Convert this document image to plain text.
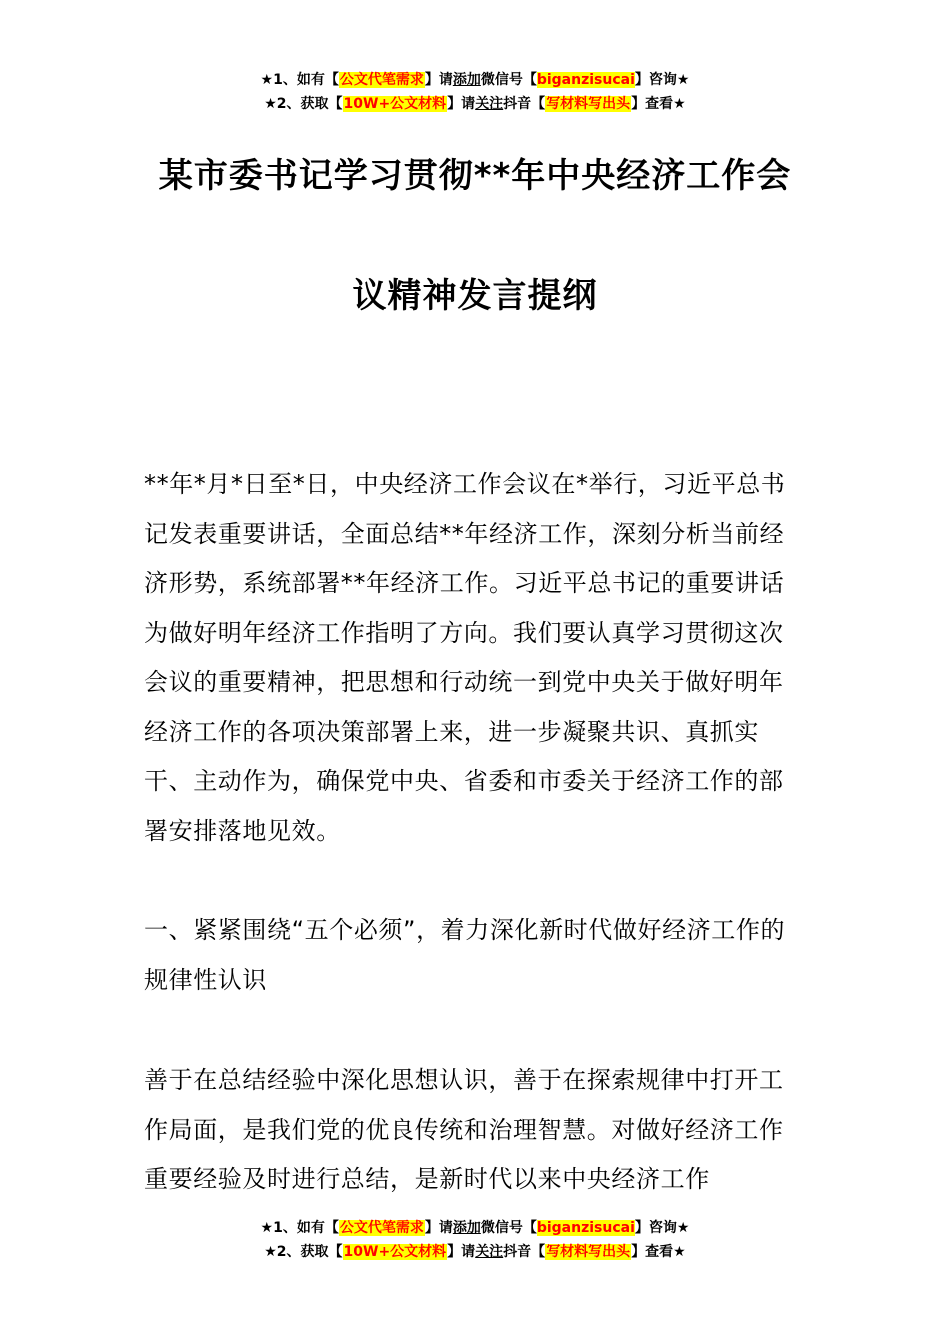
★1、如有【公文代笔需求】请添加微信号【biganzisucai】咨询★
★2、获取【10W+公文材料】请关注抖音【写材料写出头】查看★
某市委书记学习贯彻**年中央经济工作会
议精神发言提纲

**年*月*日至*日，中央经济工作会议在*举行，习近平总书记发表重要讲话，全面总结**年经济工作，深刻分析当前经济形势，系统部署**年经济工作。习近平总书记的重要讲话为做好明年经济工作指明了方向。我们要认真学习贯彻这次会议的重要精神，把思想和行动统一到党中央关于做好明年经济工作的各项决策部署上来，进一步凝聚共识、真抓实干、主动作为，确保党中央、省委和市委关于经济工作的部署安排落地见效。

一、紧紧围绕“五个必须”，着力深化新时代做好经济工作的规律性认识

善于在总结经验中深化思想认识，善于在探索规律中打开工作局面，是我们党的优良传统和治理智慧。对做好经济工作重要经验及时进行总结，是新时代以来中央经济工作

★1、如有【公文代笔需求】请添加微信号【biganzisucai】咨询★
★2、获取【10W+公文材料】请关注抖音【写材料写出头】查看★
